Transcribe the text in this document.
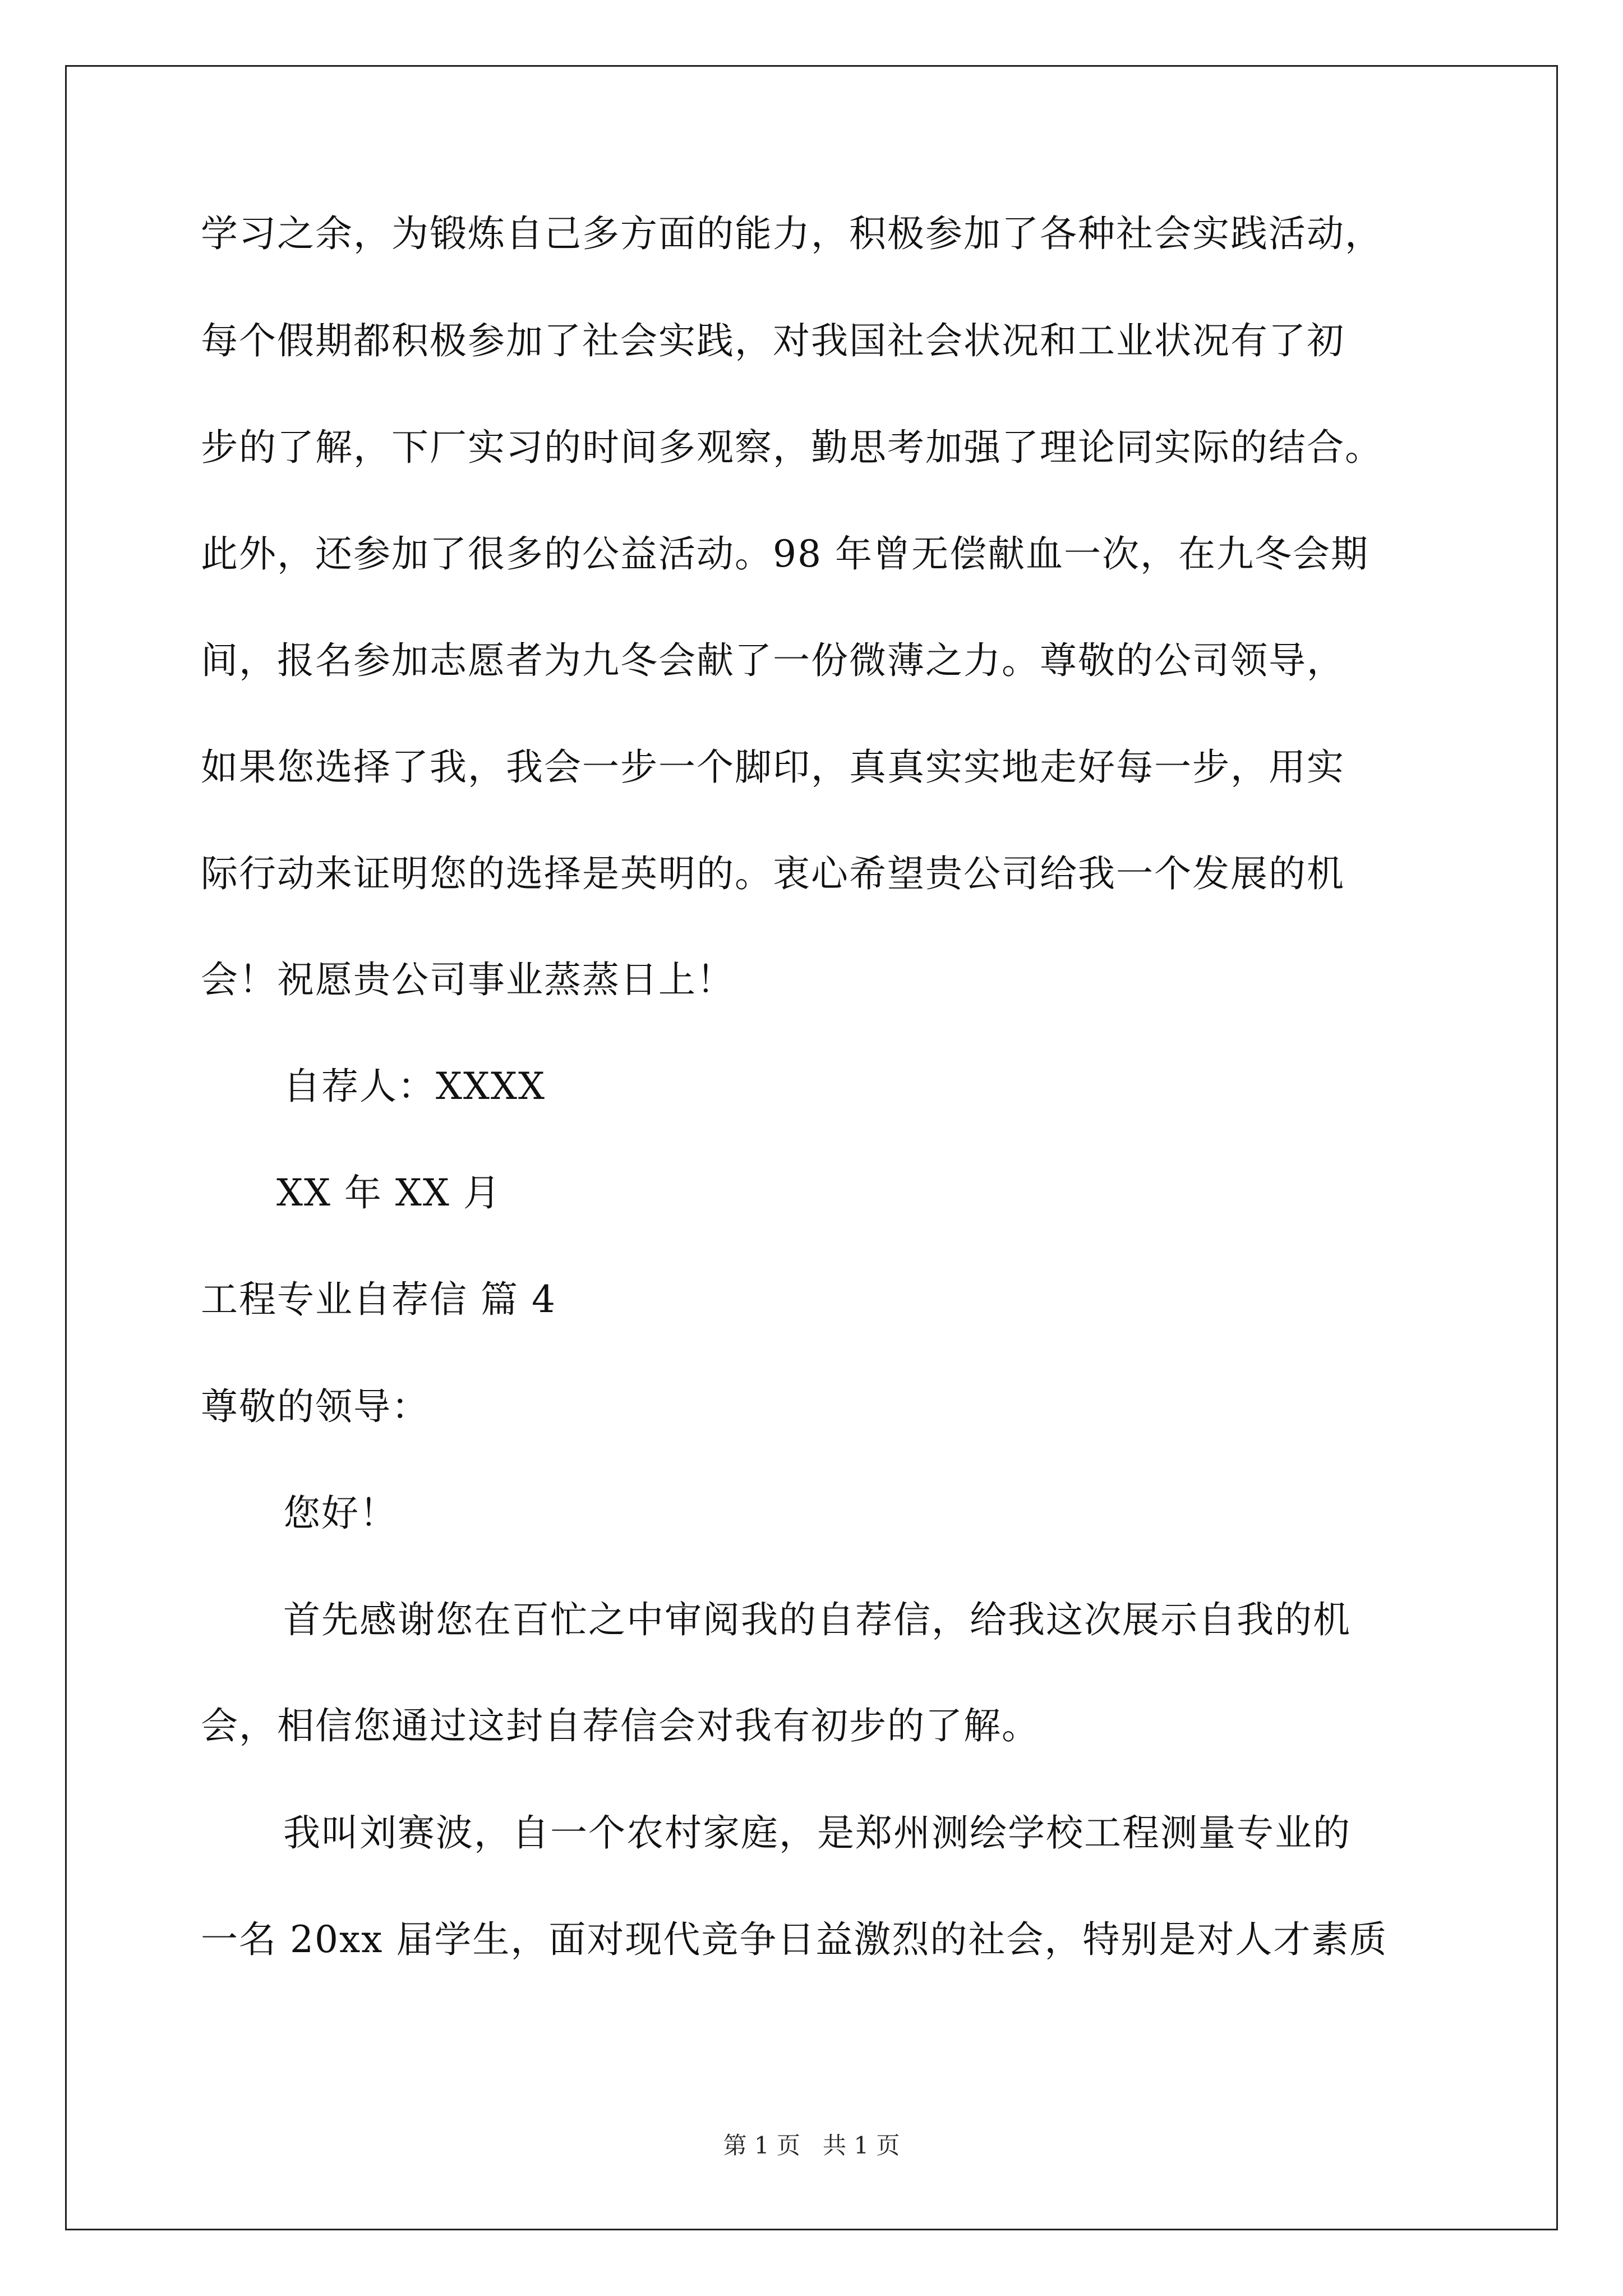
学习之余，为锻炼自己多方面的能力，积极参加了各种社会实践活动，
每个假期都积极参加了社会实践，对我国社会状况和工业状况有了初
步的了解，下厂实习的时间多观察，勤思考加强了理论同实际的结合。
此外，还参加了很多的公益活动。98 年曾无偿献血一次，在九冬会期
间，报名参加志愿者为九冬会献了一份微薄之力。尊敬的公司领导，
如果您选择了我，我会一步一个脚印，真真实实地走好每一步，用实
际行动来证明您的选择是英明的。衷心希望贵公司给我一个发展的机
会！祝愿贵公司事业蒸蒸日上！
自荐人：XXXX
XX 年 XX 月
工程专业自荐信 篇 4
尊敬的领导：
您好！
首先感谢您在百忙之中审阅我的自荐信，给我这次展示自我的机
会，相信您通过这封自荐信会对我有初步的了解。
我叫刘赛波，自一个农村家庭，是郑州测绘学校工程测量专业的
一名 20xx 届学生，面对现代竞争日益激烈的社会，特别是对人才素质
第 1 页 共 1 页
